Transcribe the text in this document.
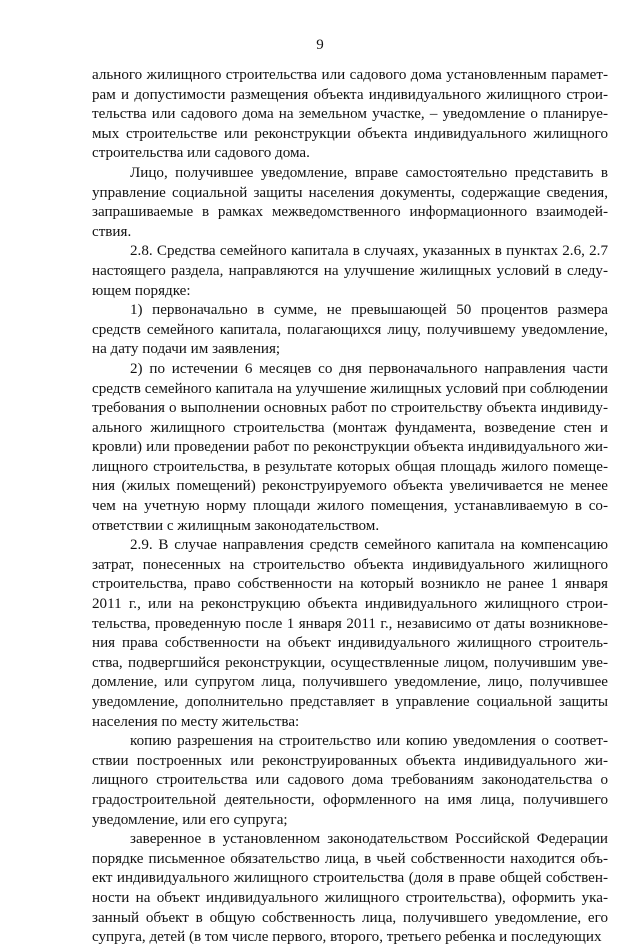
9

ального жилищного строительства или садового дома установленным параметрам и допустимости размещения объекта индивидуального жилищного строительства или садового дома на земельном участке, – уведомление о планируемых строительстве или реконструкции объекта индивидуального жилищного строительства или садового дома.

Лицо, получившее уведомление, вправе самостоятельно представить в управление социальной защиты населения документы, содержащие сведения, запрашиваемые в рамках межведомственного информационного взаимодействия.

2.8. Средства семейного капитала в случаях, указанных в пунктах 2.6, 2.7 настоящего раздела, направляются на улучшение жилищных условий в следующем порядке:

1) первоначально в сумме, не превышающей 50 процентов размера средств семейного капитала, полагающихся лицу, получившему уведомление, на дату подачи им заявления;

2) по истечении 6 месяцев со дня первоначального направления части средств семейного капитала на улучшение жилищных условий при соблюдении требования о выполнении основных работ по строительству объекта индивидуального жилищного строительства (монтаж фундамента, возведение стен и кровли) или проведении работ по реконструкции объекта индивидуального жилищного строительства, в результате которых общая площадь жилого помещения (жилых помещений) реконструируемого объекта увеличивается не менее чем на учетную норму площади жилого помещения, устанавливаемую в соответствии с жилищным законодательством.

2.9. В случае направления средств семейного капитала на компенсацию затрат, понесенных на строительство объекта индивидуального жилищного строительства, право собственности на который возникло не ранее 1 января 2011 г., или на реконструкцию объекта индивидуального жилищного строительства, проведенную после 1 января 2011 г., независимо от даты возникновения права собственности на объект индивидуального жилищного строительства, подвергшийся реконструкции, осуществленные лицом, получившим уведомление, или супругом лица, получившего уведомление, лицо, получившее уведомление, дополнительно представляет в управление социальной защиты населения по месту жительства:

копию разрешения на строительство или копию уведомления о соответствии построенных или реконструированных объекта индивидуального жилищного строительства или садового дома требованиям законодательства о градостроительной деятельности, оформленного на имя лица, получившего уведомление, или его супруга;

заверенное в установленном законодательством Российской Федерации порядке письменное обязательство лица, в чьей собственности находится объект индивидуального жилищного строительства (доля в праве общей собственности на объект индивидуального жилищного строительства), оформить указанный объект в общую собственность лица, получившего уведомление, его супруга, детей (в том числе первого, второго, третьего ребенка и последующих
